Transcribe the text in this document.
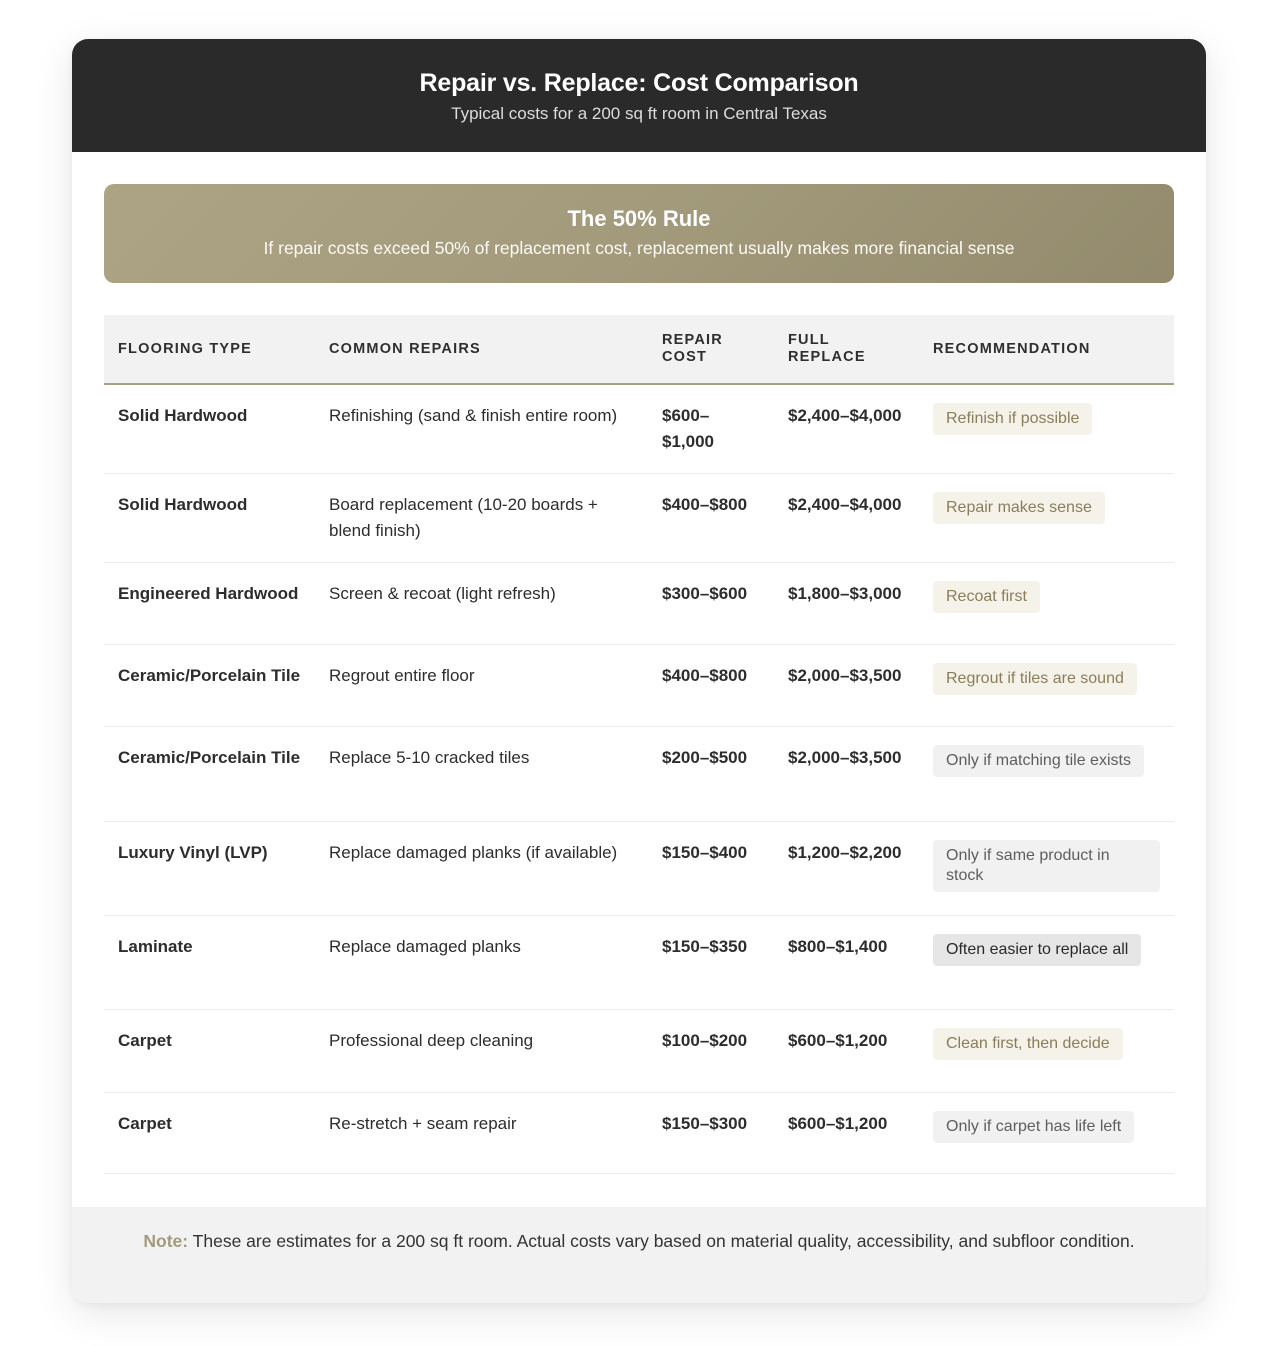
Repair vs. Replace: Cost Comparison
Typical costs for a 200 sq ft room in Central Texas
The 50% Rule
If repair costs exceed 50% of replacement cost, replacement usually makes more financial sense
FLOORING TYPE	COMMON REPAIRS	REPAIR COST	FULL REPLACE	RECOMMENDATION
Solid Hardwood	Refinishing (sand & finish entire room)	$600–$1,000	$2,400–$4,000	Refinish if possible
Solid Hardwood	Board replacement (10-20 boards + blend finish)	$400–$800	$2,400–$4,000	Repair makes sense
Engineered Hardwood	Screen & recoat (light refresh)	$300–$600	$1,800–$3,000	Recoat first
Ceramic/Porcelain Tile	Regrout entire floor	$400–$800	$2,000–$3,500	Regrout if tiles are sound
Ceramic/Porcelain Tile	Replace 5-10 cracked tiles	$200–$500	$2,000–$3,500	Only if matching tile exists
Luxury Vinyl (LVP)	Replace damaged planks (if available)	$150–$400	$1,200–$2,200	Only if same product in stock
Laminate	Replace damaged planks	$150–$350	$800–$1,400	Often easier to replace all
Carpet	Professional deep cleaning	$100–$200	$600–$1,200	Clean first, then decide
Carpet	Re-stretch + seam repair	$150–$300	$600–$1,200	Only if carpet has life left
Note: These are estimates for a 200 sq ft room. Actual costs vary based on material quality, accessibility, and subfloor condition.
